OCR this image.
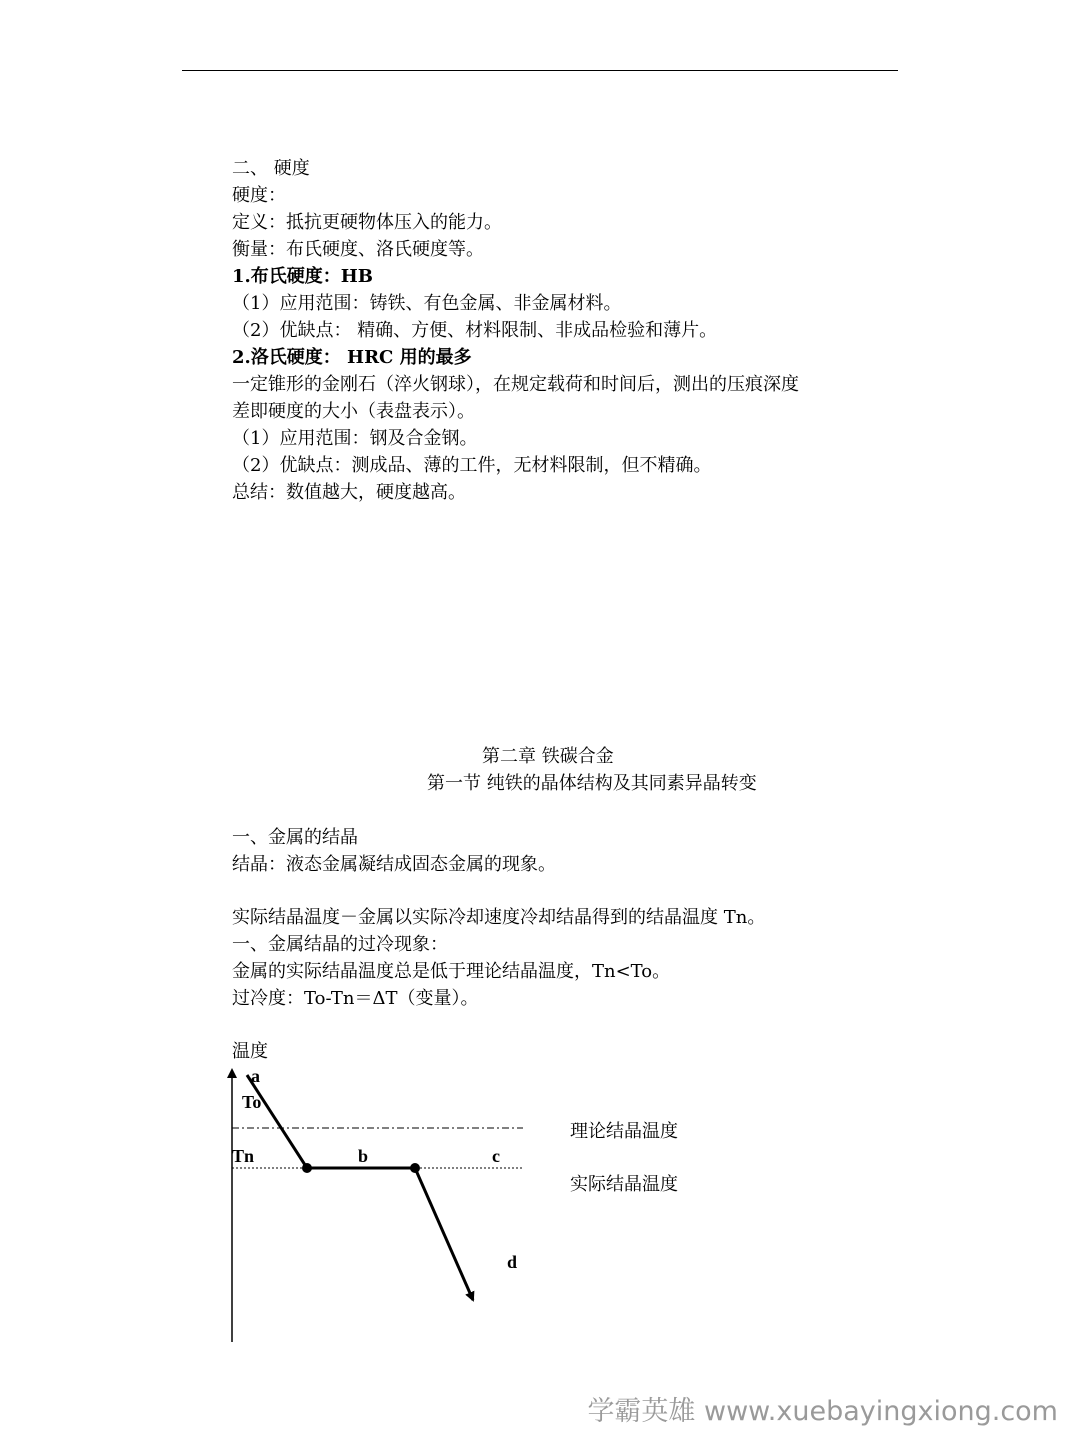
二、 硬度
硬度：
定义：抵抗更硬物体压入的能力。
衡量：布氏硬度、洛氏硬度等。
1.布氏硬度：HB
（1）应用范围：铸铁、有色金属、非金属材料。
（2）优缺点： 精确、方便、材料限制、非成品检验和薄片。
2.洛氏硬度： HRC 用的最多
一定锥形的金刚石（淬火钢球），在规定载荷和时间后，测出的压痕深度
差即硬度的大小（表盘表示）。
（1）应用范围：钢及合金钢。
（2）优缺点：测成品、薄的工件，无材料限制，但不精确。
总结：数值越大，硬度越高。
第二章 铁碳合金
第一节 纯铁的晶体结构及其同素异晶转变
一、金属的结晶
结晶：液态金属凝结成固态金属的现象。
实际结晶温度－金属以实际冷却速度冷却结晶得到的结晶温度 Tn。
一、金属结晶的过冷现象：
金属的实际结晶温度总是低于理论结晶温度，Tn<To。
过冷度：To-Tn＝ΔT（变量）。
温度
a
To
Tn	b	c
d
理论结晶温度
实际结晶温度
学霸英雄 www.xuebayingxiong.com
